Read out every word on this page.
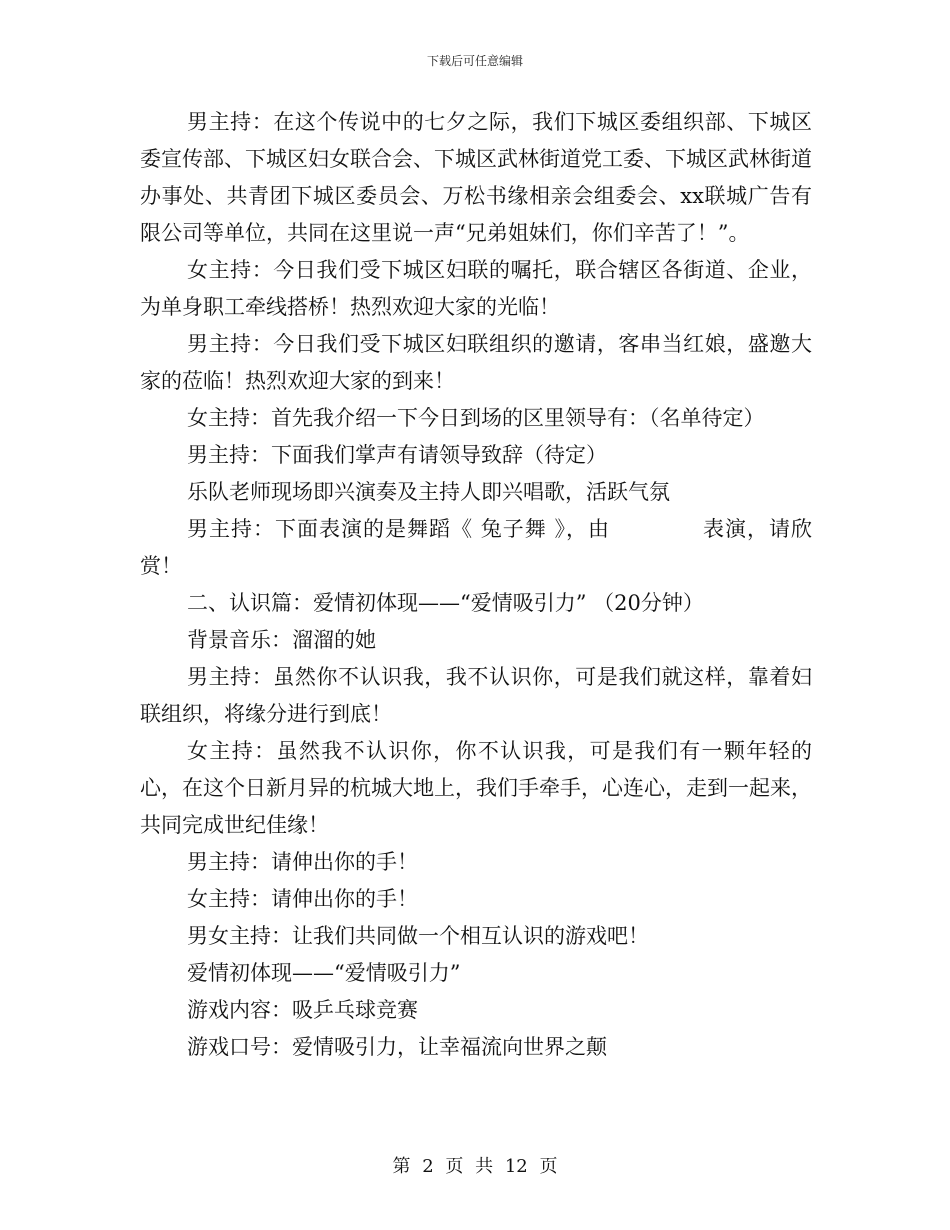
下载后可任意编辑

男主持：在这个传说中的七夕之际，我们下城区委组织部、下城区委宣传部、下城区妇女联合会、下城区武林街道党工委、下城区武林街道办事处、共青团下城区委员会、万松书缘相亲会组委会、xx联城广告有限公司等单位，共同在这里说一声“兄弟姐妹们，你们辛苦了！”。

女主持：今日我们受下城区妇联的嘱托，联合辖区各街道、企业，为单身职工牵线搭桥！热烈欢迎大家的光临！

男主持：今日我们受下城区妇联组织的邀请，客串当红娘，盛邀大家的莅临！热烈欢迎大家的到来！

女主持：首先我介绍一下今日到场的区里领导有：（名单待定）

男主持：下面我们掌声有请领导致辞（待定）

乐队老师现场即兴演奏及主持人即兴唱歌，活跃气氛

男主持：下面表演的是舞蹈《 兔子舞 》，由	表演，请欣赏！

二、认识篇：爱情初体现——“爱情吸引力” （20分钟）

背景音乐：溜溜的她

男主持：虽然你不认识我，我不认识你，可是我们就这样，靠着妇联组织，将缘分进行到底！

女主持：虽然我不认识你，你不认识我，可是我们有一颗年轻的心，在这个日新月异的杭城大地上，我们手牵手，心连心，走到一起来，共同完成世纪佳缘！

男主持：请伸出你的手！

女主持：请伸出你的手！

男女主持：让我们共同做一个相互认识的游戏吧！

爱情初体现——“爱情吸引力”

游戏内容：吸乒乓球竞赛

游戏口号：爱情吸引力，让幸福流向世界之颠

第 2 页 共 12 页
